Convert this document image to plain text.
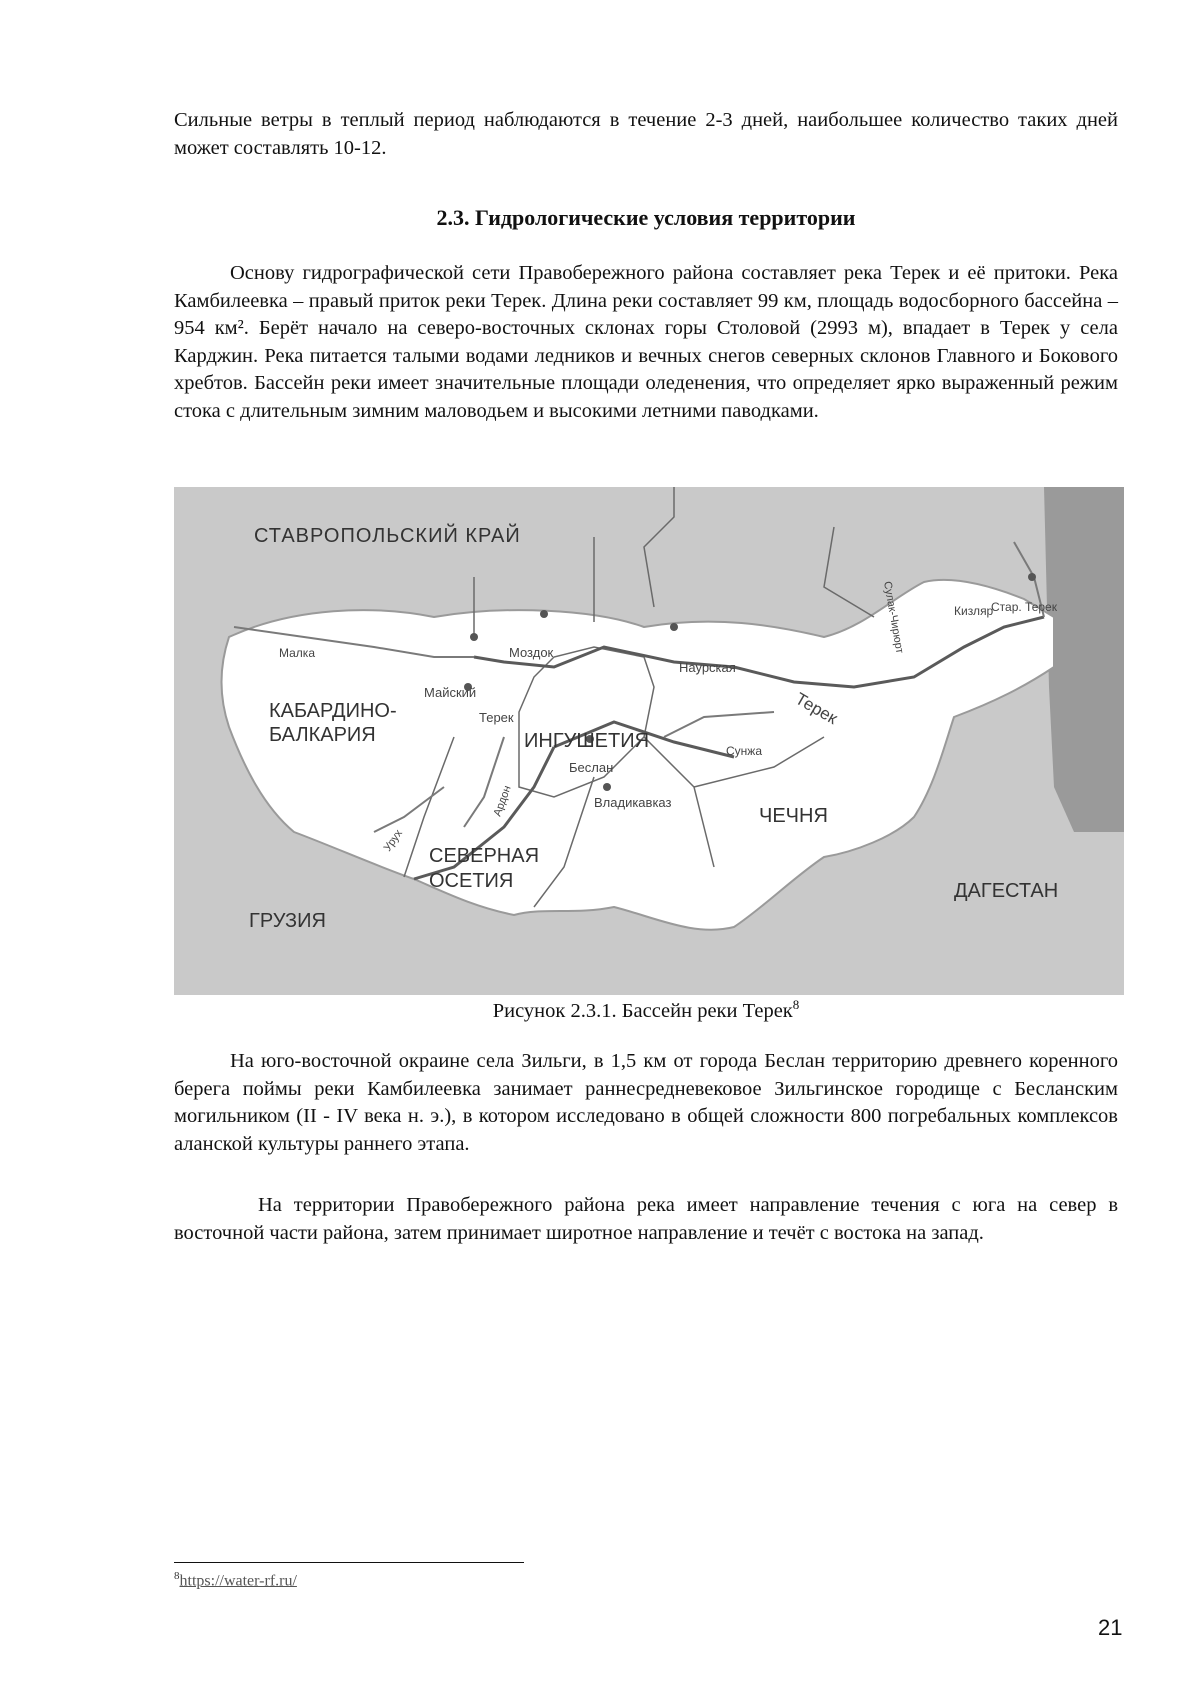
Сильные ветры в теплый период наблюдаются в течение 2-3 дней, наибольшее количество таких дней может составлять 10-12.

2.3. Гидрологические условия территории

Основу гидрографической сети Правобережного района составляет река Терек и её притоки. Река Камбилеевка – правый приток реки Терек. Длина реки составляет 99 км, площадь водосборного бассейна – 954 км². Берёт начало на северо-восточных склонах горы Столовой (2993 м), впадает в Терек у села Карджин. Река питается талыми водами ледников и вечных снегов северных склонов Главного и Бокового хребтов. Бассейн реки имеет значительные площади оледенения, что определяет ярко выраженный режим стока с длительным зимним маловодьем и высокими летними паводками.

СТАВРОПОЛЬСКИЙ КРАЙ
КАБАРДИНО-
БАЛКАРИЯ	ИНГУШЕТИЯ
ЧЕЧНЯ
СЕВЕРНАЯ
ОСЕТИЯ
ГРУЗИЯ
ДАГЕСТАН
Малка
Майский
Моздок
Наурская
Терек	Терек
Беслан
Владикавказ
Сунжа
Кизляр
Стар. Терек
Сулак-Чирюрт
Урух
Ардон

Рисунок 2.3.1. Бассейн реки Терек$^8$

На юго-восточной окраине села Зильги, в 1,5 км от города Беслан территорию древнего коренного берега поймы реки Камбилеевка занимает раннесредневековое Зильгинское городище с Бесланским могильником (II - IV века н. э.), в котором исследовано в общей сложности 800 погребальных комплексов аланской культуры раннего этапа.

На территории Правобережного района река имеет направление течения с юга на север в восточной части района, затем принимает широтное направление и течёт с востока на запад.

$^8$https://water-rf.ru/
21
